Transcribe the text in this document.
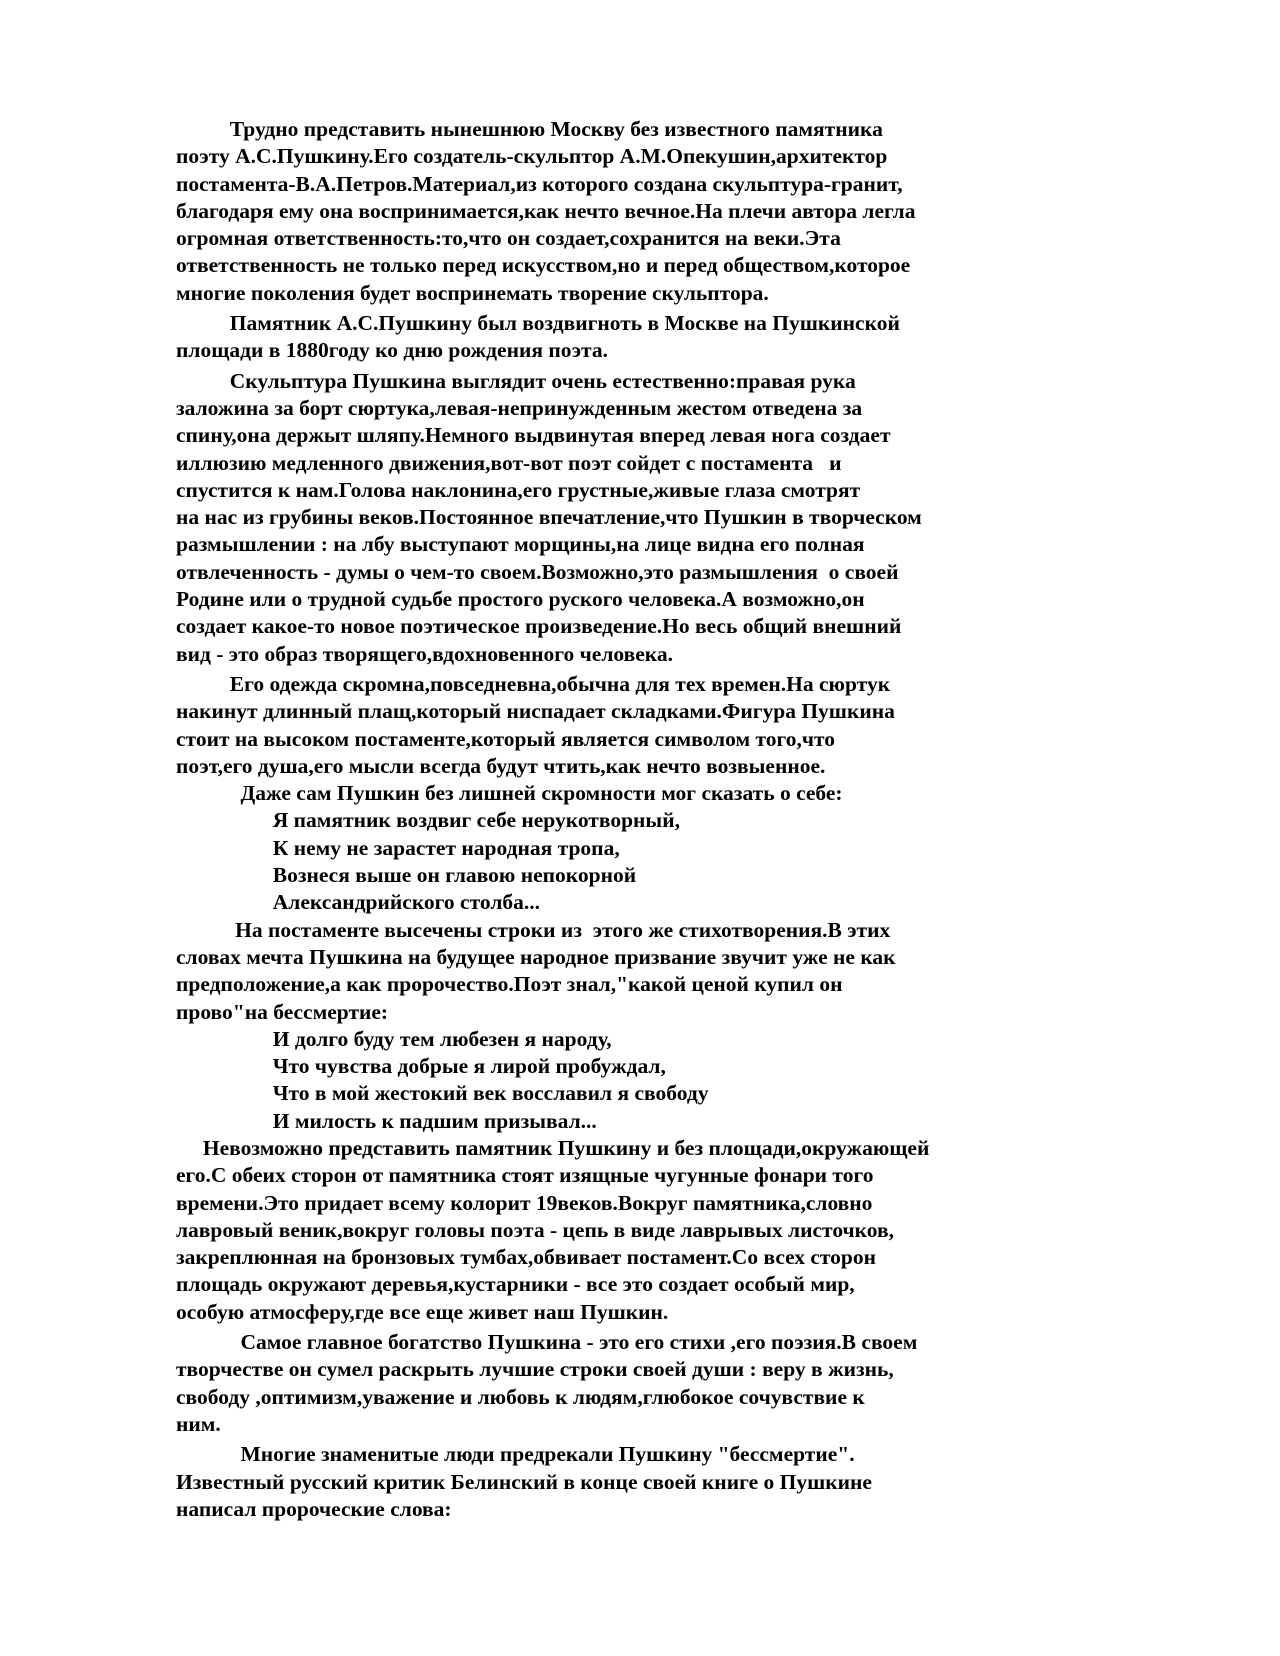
Трудно представить нынешнюю Москву без известного памятника
поэту А.С.Пушкину.Его создатель-скульптор А.М.Опекушин,архитектор
постамента-В.А.Петров.Материал,из которого создана скульптура-гранит,
благодаря ему она воспринимается,как нечто вечное.На плечи автора легла
огромная ответственность:то,что он создает,сохранится на веки.Эта
ответственность не только перед искусством,но и перед обществом,которое
многие поколения будет воспринемать творение скульптора.
Памятник А.С.Пушкину был воздвигноть в Москве на Пушкинской
площади в 1880году ко дню рождения поэта.
Скульптура Пушкина выглядит очень естественно:правая рука
заложина за борт сюртука,левая-непринужденным жестом отведена за
спину,она держыт шляпу.Немного выдвинутая вперед левая нога создает
иллюзию медленного движения,вот-вот поэт сойдет с постамента   и
спустится к нам.Голова наклонина,его грустные,живые глаза смотрят
на нас из грубины веков.Постоянное впечатление,что Пушкин в творческом
размышлении : на лбу выступают морщины,на лице видна его полная
отвлеченность - думы о чем-то своем.Возможно,это размышления  о своей
Родине или о трудной судьбе простого руского человека.А возможно,он
создает какое-то новое поэтическое произведение.Но весь общий внешний
вид - это образ творящего,вдохновенного человека.
Его одежда скромна,повседневна,обычна для тех времен.На сюртук
накинут длинный плащ,который ниспадает складками.Фигура Пушкина
стоит на высоком постаменте,который является символом того,что
поэт,его душа,его мысли всегда будут чтить,как нечто возвыенное.
Даже сам Пушкин без лишней скромности мог сказать о себе:
Я памятник воздвиг себе нерукотворный,
К нему не зарастет народная тропа,
Вознеся выше он главою непокорной
Александрийского столба...
На постаменте высечены строки из  этого же стихотворения.В этих
словах мечта Пушкина на будущее народное призвание звучит уже не как
предположение,а как пророчество.Поэт знал,"какой ценой купил он
прово"на бессмертие:
И долго буду тем любезен я народу,
Что чувства добрые я лирой пробуждал,
Что в мой жестокий век восславил я свободу
И милость к падшим призывал...
Невозможно представить памятник Пушкину и без площади,окружающей
его.С обеих сторон от памятника стоят изящные чугунные фонари того
времени.Это придает всему колорит 19веков.Вокруг памятника,словно
лавровый веник,вокруг головы поэта - цепь в виде лаврывых листочков,
закреплюнная на бронзовых тумбах,обвивает постамент.Со всех сторон
площадь окружают деревья,кустарники - все это создает особый мир,
особую атмосферу,где все еще живет наш Пушкин.
Самое главное богатство Пушкина - это его стихи ,его поэзия.В своем
творчестве он сумел раскрыть лучшие строки своей души : веру в жизнь,
свободу ,оптимизм,уважение и любовь к людям,глюбокое сочувствие к
ним.
Многие знаменитые люди предрекали Пушкину "бессмертие".
Известный русский критик Белинский в конце своей книге о Пушкине
написал пророческие слова:
